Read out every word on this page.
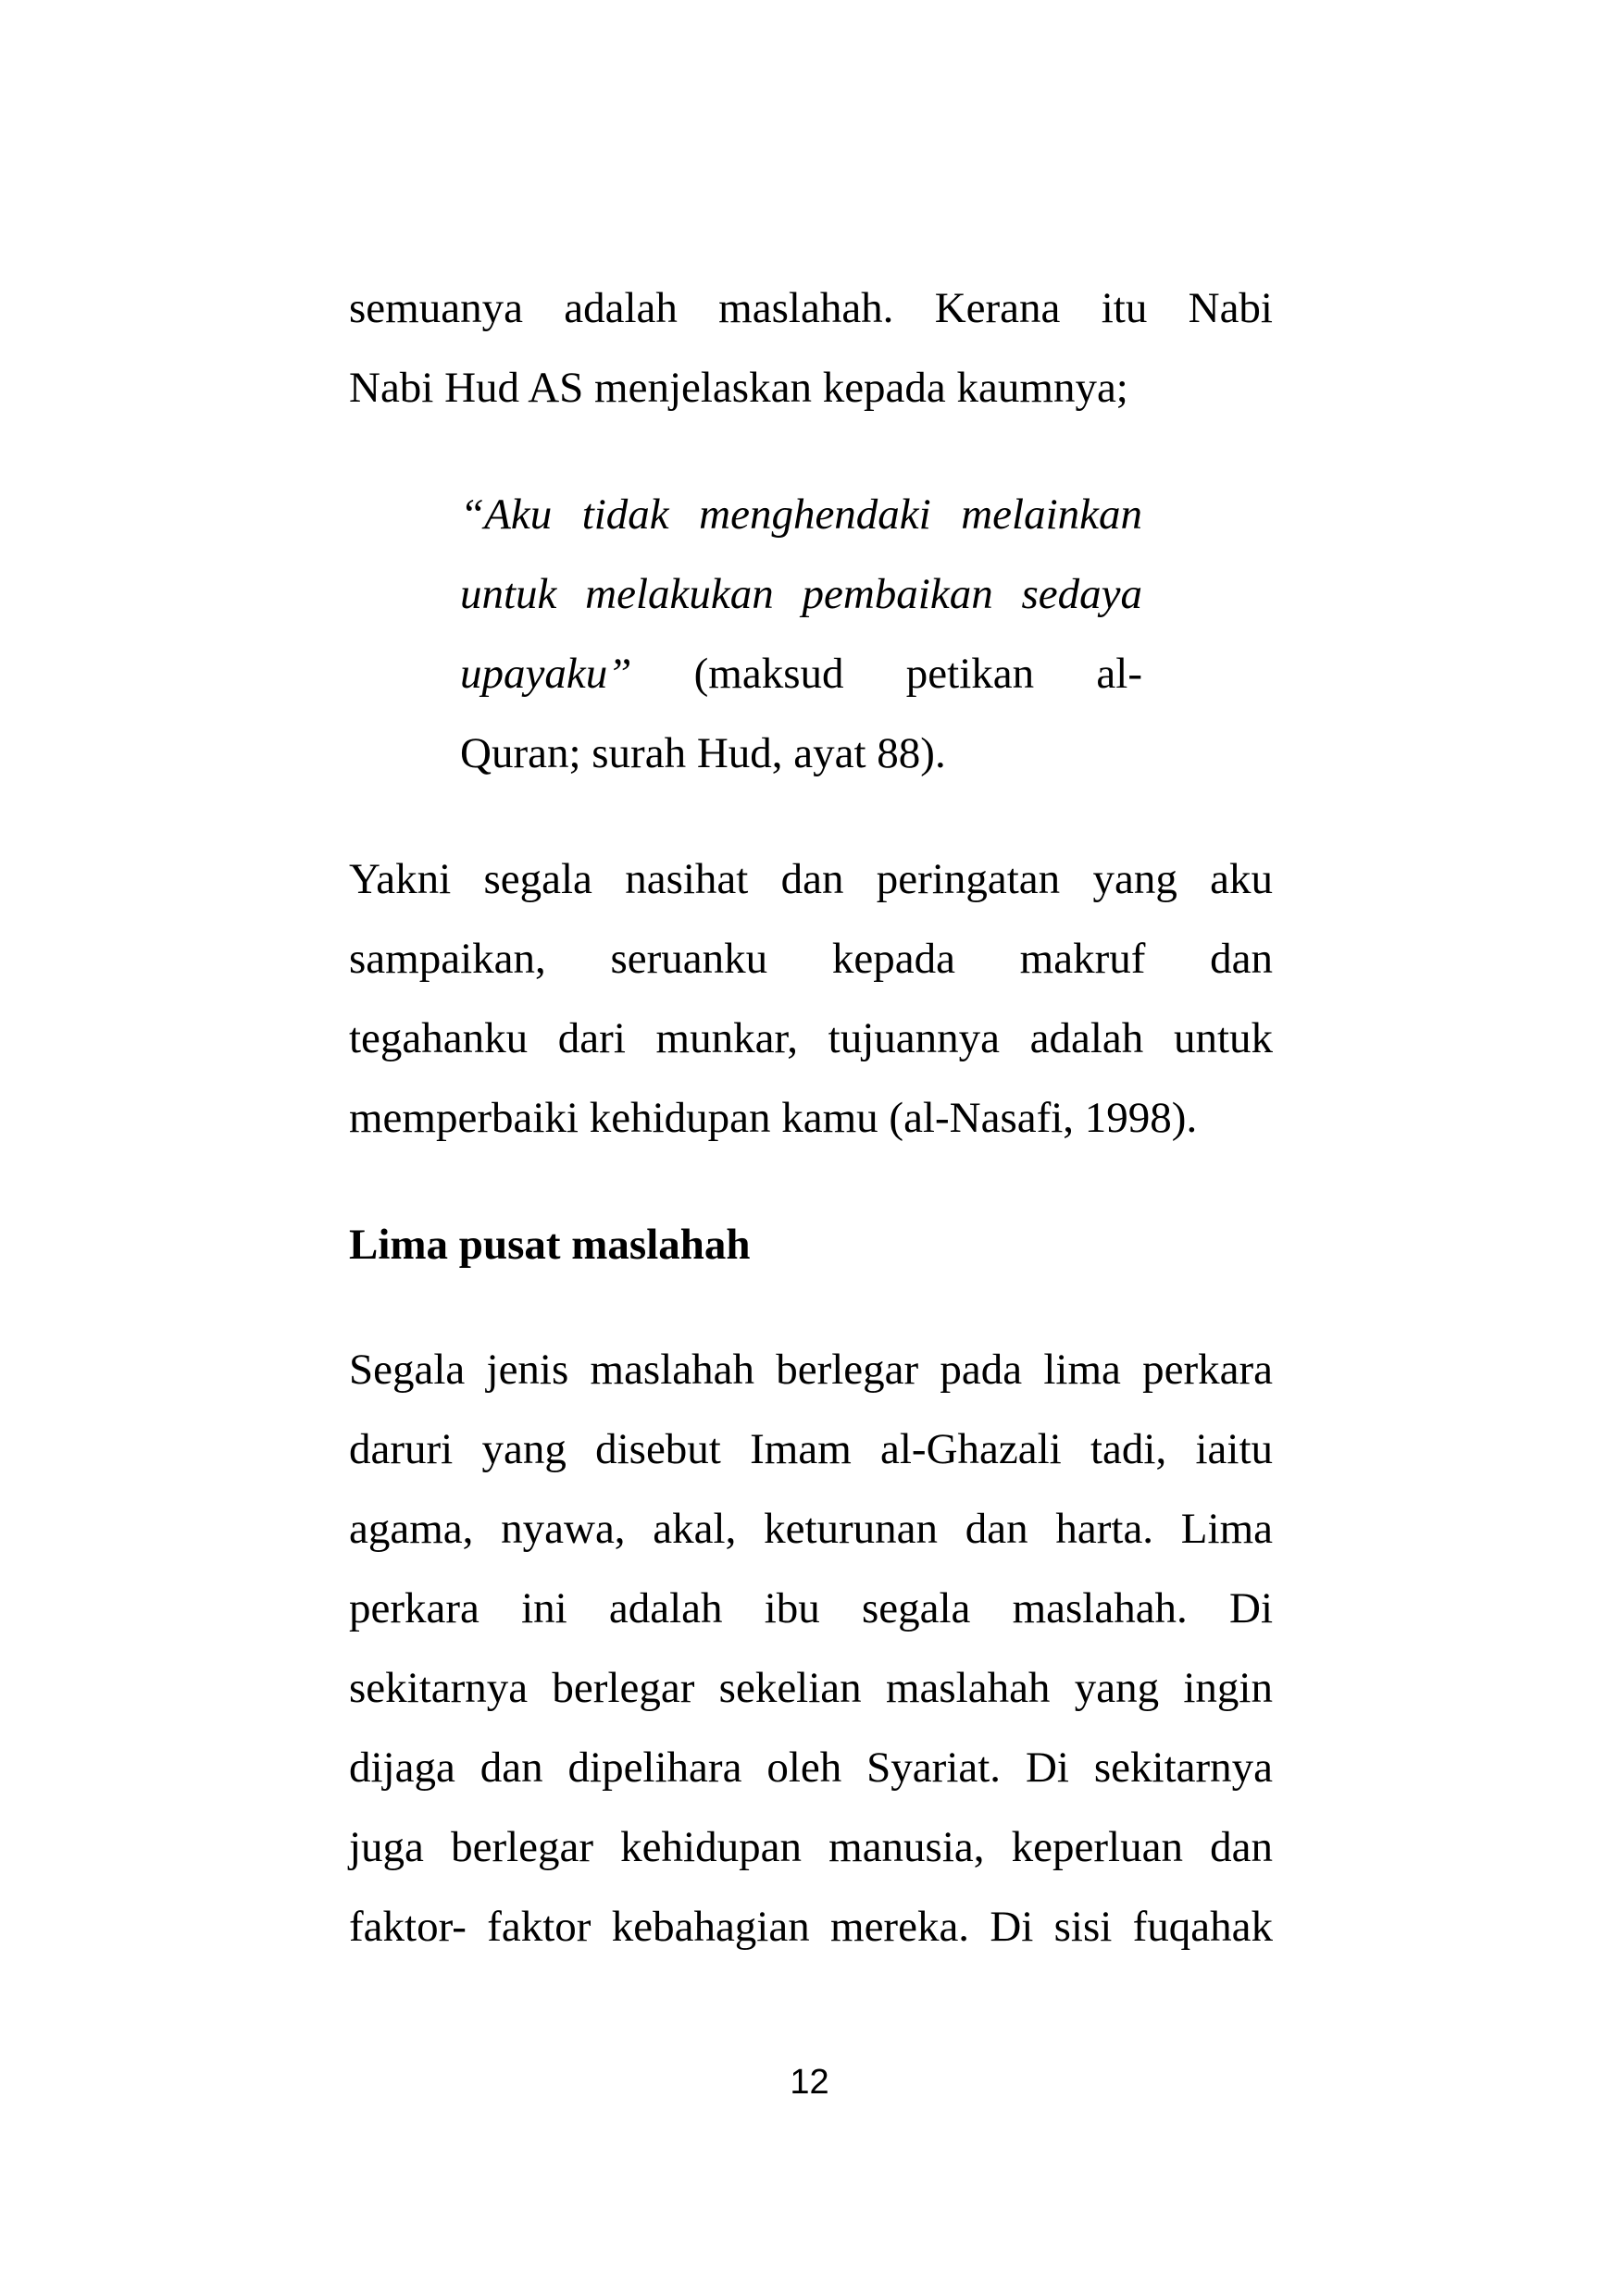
semuanya adalah maslahah. Kerana itu Nabi
Nabi Hud AS menjelaskan kepada kaumnya;
“Aku tidak menghendaki melainkan
untuk melakukan pembaikan sedaya
upayaku” (maksud petikan al-
Quran; surah Hud, ayat 88).
Yakni segala nasihat dan peringatan yang aku
sampaikan, seruanku kepada makruf dan
tegahanku dari munkar, tujuannya adalah untuk
memperbaiki kehidupan kamu (al-Nasafi, 1998).
Lima pusat maslahah
Segala jenis maslahah berlegar pada lima perkara
daruri yang disebut Imam al-Ghazali tadi, iaitu
agama, nyawa, akal, keturunan dan harta. Lima
perkara ini adalah ibu segala maslahah. Di
sekitarnya berlegar sekelian maslahah yang ingin
dijaga dan dipelihara oleh Syariat. Di sekitarnya
juga berlegar kehidupan manusia, keperluan dan
faktor- faktor kebahagian mereka. Di sisi fuqahak
12
